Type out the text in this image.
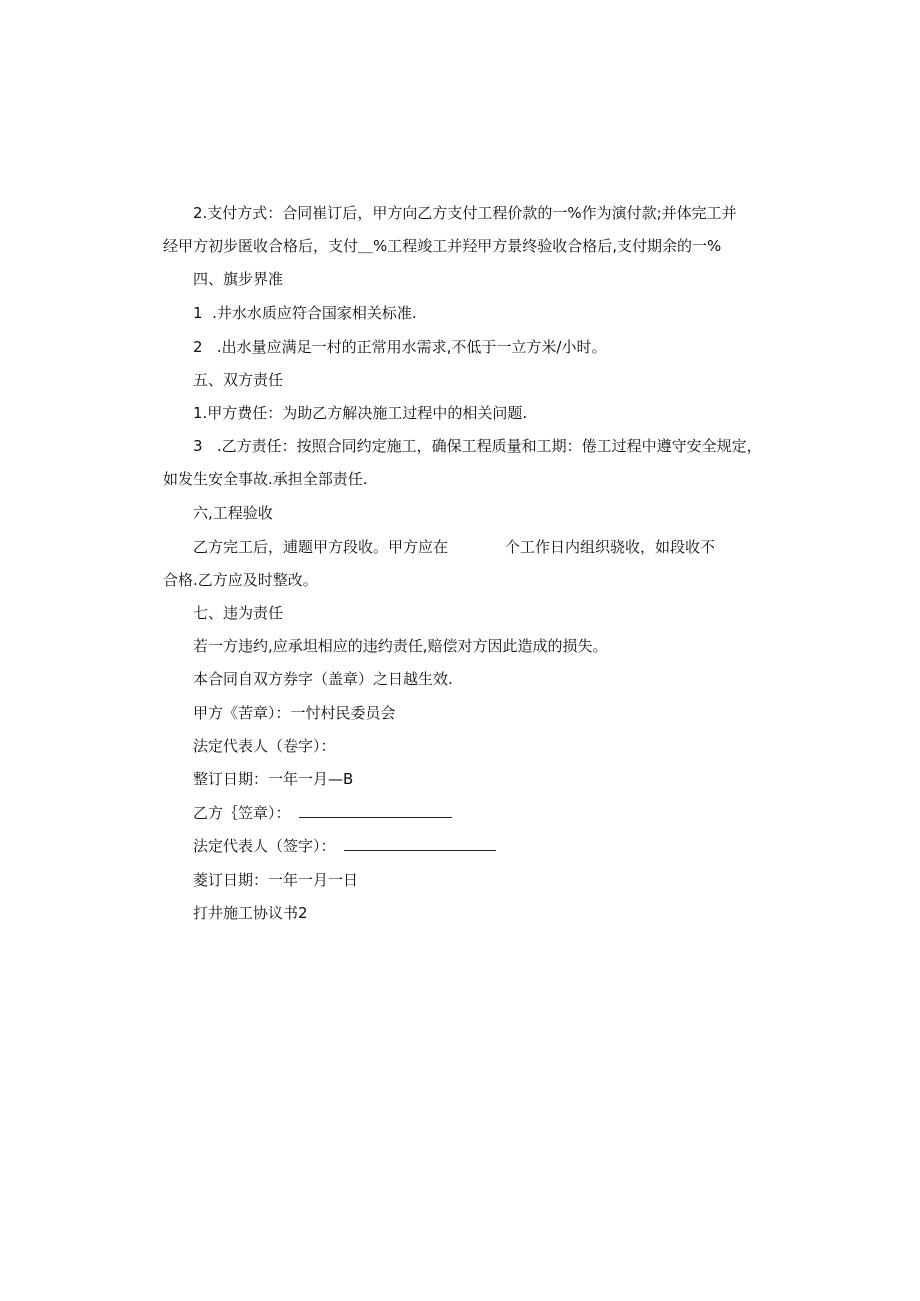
2.支付方式：合同崔订后，甲方向乙方支付工程价款的一%作为演付款;并体完工并
经甲方初步匿收合格后，支付＿%工程竣工并羟甲方景终验收合格后,支付期余的一%
四、旗步界准
1  .井水水质应符合国家相关标准.
2   .出水量应满足一村的正常用水需求,不低于一立方米/小时。
五、双方责任
1.甲方费任：为助乙方解决施工过程中的相关问题.
3   .乙方责任：按照合同约定施工，确保工程质量和工期：倦工过程中遵守安全规定，
如发生安全事故.承担全部责任.
六,工程验收
乙方完工后，逋题甲方段收。甲方应在	个工作日内组织骁收，如段收不
合格.乙方应及时整改。
七、违为责任
若一方违约,应承坦相应的违约责任,赔偿对方因此造成的损失。
本合同自双方券字（盖章）之日越生效.
甲方《苦章）：一忖村民委员会
法定代表人（卷字）：
整订日期：一年一月—B
乙方｛笠章）：
法定代表人（签字）：
菱订日期：一年一月一日
打井施工协议书2
